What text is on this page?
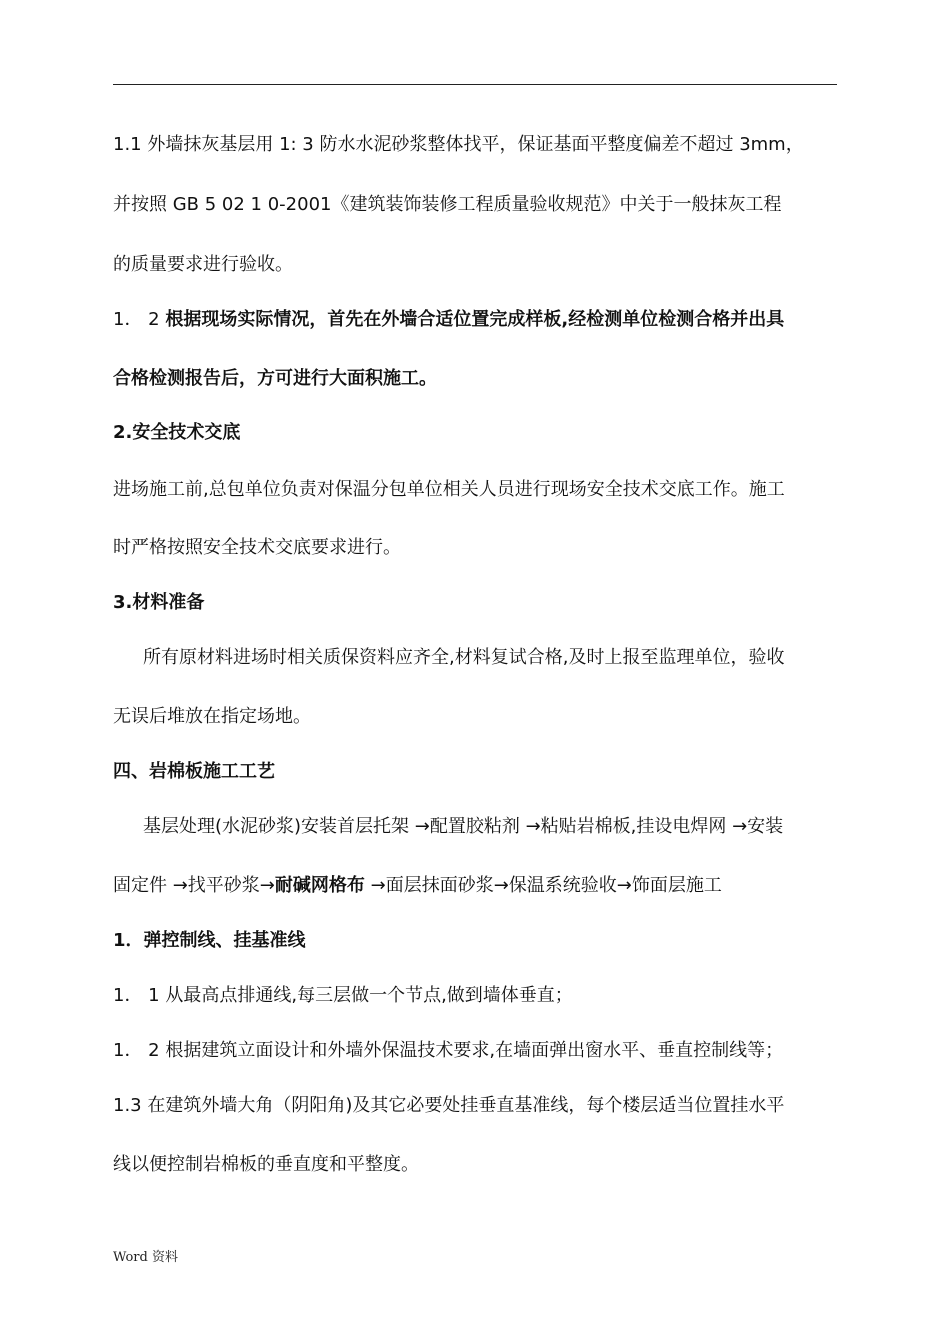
1.1 外墙抹灰基层用 1: 3 防水水泥砂浆整体找平，保证基面平整度偏差不超过 3mm，
并按照 GB 5 02 1 0-2001《建筑装饰装修工程质量验收规范》中关于一般抹灰工程
的质量要求进行验收。
1． 2 根据现场实际情况，首先在外墙合适位置完成样板,经检测单位检测合格并出具
合格检测报告后，方可进行大面积施工。
2.安全技术交底
进场施工前,总包单位负责对保温分包单位相关人员进行现场安全技术交底工作。施工
时严格按照安全技术交底要求进行。
3.材料准备
所有原材料进场时相关质保资料应齐全,材料复试合格,及时上报至监理单位，验收
无误后堆放在指定场地。
四、岩棉板施工工艺
基层处理(水泥砂浆)安装首层托架 →配置胶粘剂 →粘贴岩棉板,挂设电焊网 →安装
固定件 →找平砂浆→耐碱网格布 →面层抹面砂浆→保温系统验收→饰面层施工
1．弹控制线、挂基准线
1． 1 从最高点排通线,每三层做一个节点,做到墙体垂直；
1． 2 根据建筑立面设计和外墙外保温技术要求,在墙面弹出窗水平、垂直控制线等；
1.3 在建筑外墙大角（阴阳角)及其它必要处挂垂直基准线，每个楼层适当位置挂水平
线以便控制岩棉板的垂直度和平整度。
Word 资料
